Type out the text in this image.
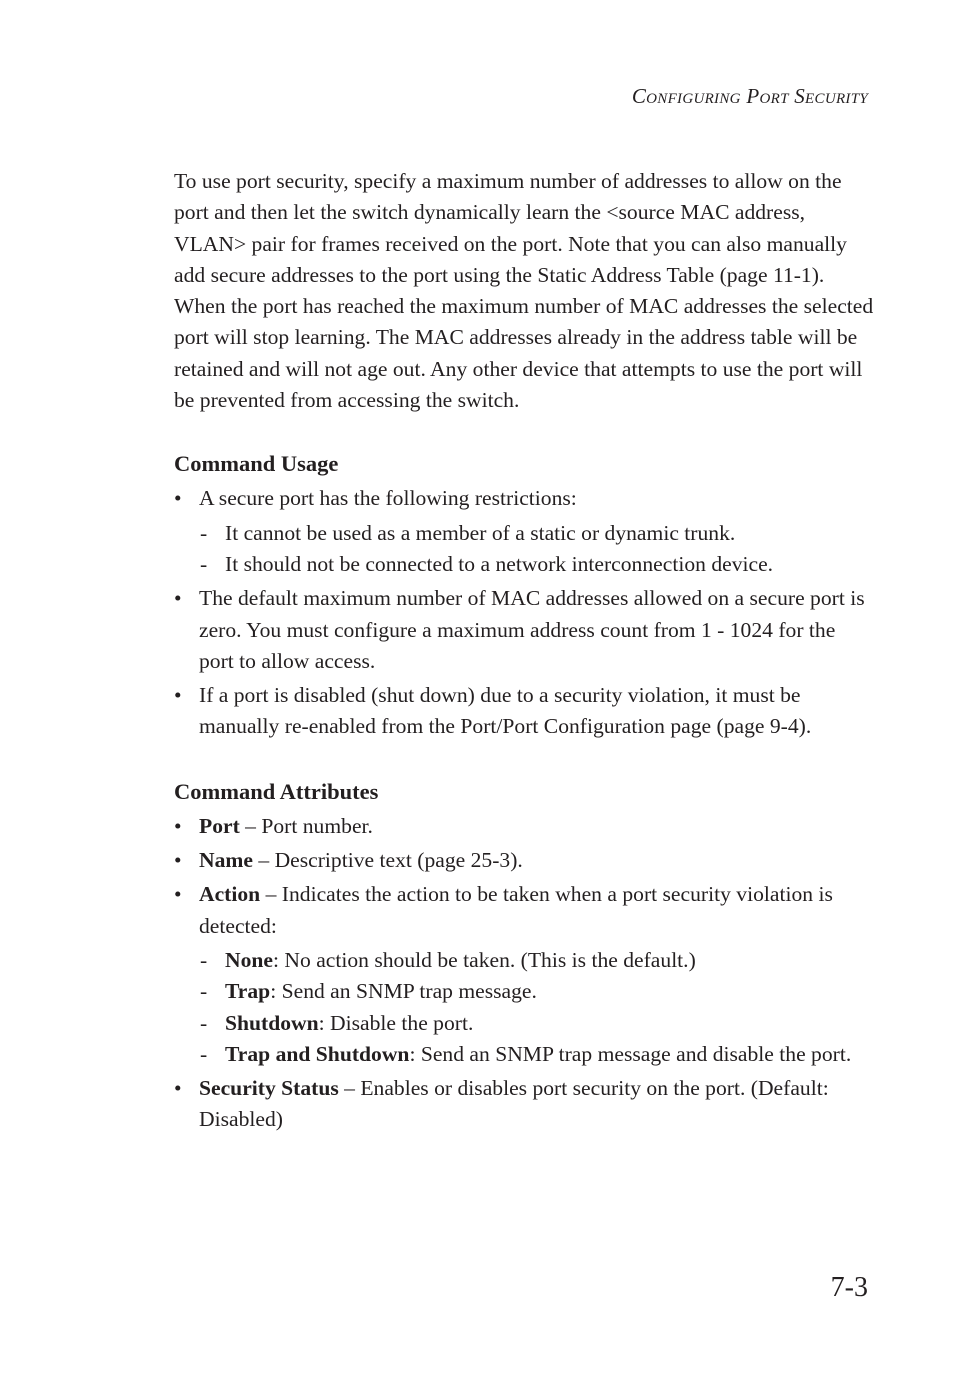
Configuring Port Security

To use port security, specify a maximum number of addresses to allow on the port and then let the switch dynamically learn the <source MAC address, VLAN> pair for frames received on the port. Note that you can also manually add secure addresses to the port using the Static Address Table (page 11-1). When the port has reached the maximum number of MAC addresses the selected port will stop learning. The MAC addresses already in the address table will be retained and will not age out. Any other device that attempts to use the port will be prevented from accessing the switch.

Command Usage
• A secure port has the following restrictions:
- It cannot be used as a member of a static or dynamic trunk.
- It should not be connected to a network interconnection device.
• The default maximum number of MAC addresses allowed on a secure port is zero. You must configure a maximum address count from 1 - 1024 for the port to allow access.
• If a port is disabled (shut down) due to a security violation, it must be manually re-enabled from the Port/Port Configuration page (page 9-4).
Command Attributes
• Port – Port number.
• Name – Descriptive text (page 25-3).
• Action – Indicates the action to be taken when a port security violation is detected:
- None: No action should be taken. (This is the default.)
- Trap: Send an SNMP trap message.
- Shutdown: Disable the port.
- Trap and Shutdown: Send an SNMP trap message and disable the port.
• Security Status – Enables or disables port security on the port. (Default: Disabled)
7-3
